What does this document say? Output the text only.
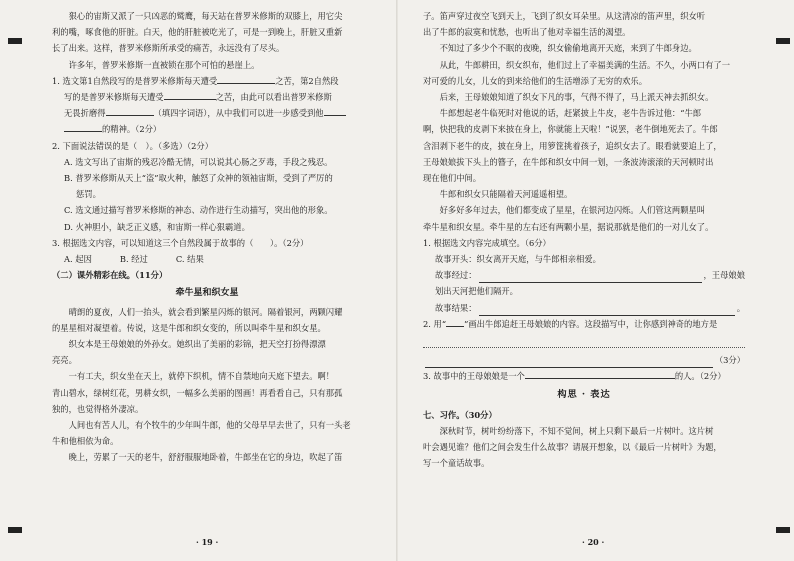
狠心的宙斯又派了一只凶恶的鹫鹰，每天站在普罗米修斯的双膝上，用它尖

利的嘴，啄食他的肝脏。白天，他的肝脏被吃光了，可是一到晚上，肝脏又重新

长了出来。这样，普罗米修斯所承受的痛苦，永远没有了尽头。

许多年，普罗米修斯一直被锁在那个可怕的悬崖上。

1. 选文第1自然段写的是普罗米修斯每天遭受	之苦，第2自然段

写的是普罗米修斯每天遭受	之苦，由此可以看出普罗米修斯

无畏折磨得	（填四字词语），从中我们可以进一步感受到他

的精神。（2分）

2. 下面说法错误的是（　）。（多选）（2分）

A. 选文写出了宙斯的残忍冷酷无情，可以说其心肠之歹毒，手段之残忍。

B. 普罗米修斯从天上“盗”取火种，触怒了众神的领袖宙斯，受到了严厉的

惩罚。

C. 选文通过描写普罗米修斯的神态、动作进行生动描写，突出他的形象。

D. 火神胆小，缺乏正义感，和宙斯一样心狠霸道。

3. 根据选文内容，可以知道这三个自然段属于故事的（　　）。（2分）

A. 起因	B. 经过	C. 结果

（二）课外精彩在线。（11分）

牵牛星和织女星

晴朗的夏夜，人们一抬头，就会看到繁星闪烁的银河。隔着银河，两颗闪耀

的星星相对凝望着。传说，这是牛郎和织女变的，所以叫牵牛星和织女星。

织女本是王母娘娘的外孙女。她织出了美丽的彩锦，把天空打扮得漂漂

亮亮。

一有工夫，织女坐在天上，就停下织机，情不自禁地向天庭下望去。啊！

青山碧水，绿树红花，男耕女织，一幅多么美丽的图画！再看看自己，只有那孤

独的，也觉得格外凄凉。

人间也有苦人儿，有个牧牛的少年叫牛郎，他的父母早早去世了，只有一头老

牛和他相依为命。

晚上，劳累了一天的老牛，舒舒服服地卧着，牛郎坐在它的身边，吹起了笛

· 19 ·

子。笛声穿过夜空飞到天上，飞到了织女耳朵里。从这清凉的笛声里，织女听

出了牛郎的寂寞和忧愁，也听出了他对幸福生活的渴望。

不知过了多少个不眠的夜晚，织女偷偷地离开天庭，来到了牛郎身边。

从此，牛郎耕田，织女织布，他们过上了幸福美满的生活。不久，小两口有了一

对可爱的儿女，儿女的到来给他们的生活增添了无穷的欢乐。

后来，王母娘娘知道了织女下凡的事，气得不得了，马上派天神去抓织女。

牛郎想起老牛临死时对他说的话，赶紧披上牛皮，老牛告诉过他：“牛郎

啊，快把我的皮剥下来披在身上，你就能上天啦！”说罢，老牛倒地死去了。牛郎

含泪剥下老牛的皮，披在身上，用箩筐挑着孩子，追织女去了。眼看就要追上了，

王母娘娘拔下头上的簪子，在牛郎和织女中间一划，一条波涛滚滚的天河顿时出

现在他们中间。

牛郎和织女只能隔着天河遥遥相望。

好多好多年过去，他们都变成了星星，在银河边闪烁。人们管这两颗星叫

牵牛星和织女星。牵牛星的左右还有两颗小星，据说那就是他们的一对儿女了。

1. 根据选文内容完成填空。（6分）

故事开头：织女离开天庭，与牛郎相亲相爱。

故事经过：	，王母娘娘

划出天河把他们隔开。

故事结果：	。

2. 用“ ”画出牛郎追赶王母娘娘的内容。这段描写中，让你感到神奇的地方是

（3分）

3. 故事中的王母娘娘是一个	的人。（2分）

构思 · 表达

七、习作。（30分）

深秋时节，树叶纷纷落下，不知不觉间，树上只剩下最后一片树叶。这片树

叶会遇见谁？他们之间会发生什么故事？请展开想象，以《最后一片树叶》为题，

写一个童话故事。

· 20 ·
